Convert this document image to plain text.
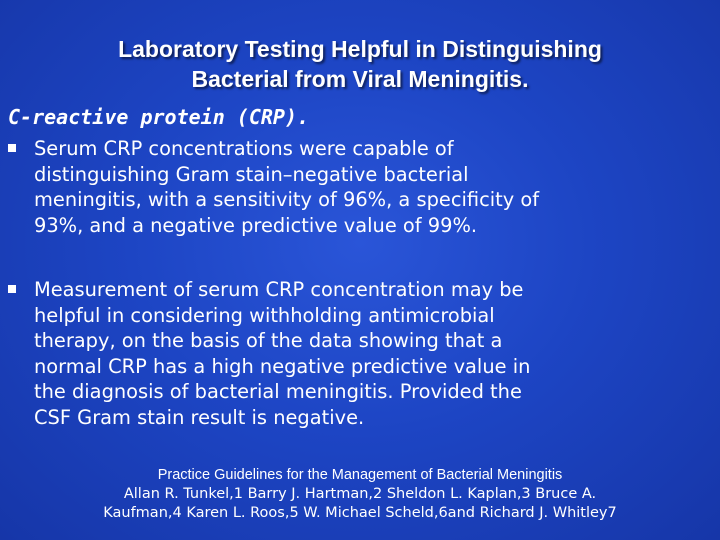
Laboratory Testing Helpful in Distinguishing
Bacterial from Viral Meningitis.
C-reactive protein (CRP).
Serum CRP concentrations were capable of
distinguishing Gram stain–negative bacterial
meningitis, with a sensitivity of 96%, a specificity of
93%, and a negative predictive value of 99%.
Measurement of serum CRP concentration may be
helpful in considering withholding antimicrobial
therapy, on the basis of the data showing that a
normal CRP has a high negative predictive value in
the diagnosis of bacterial meningitis. Provided the
CSF Gram stain result is negative.
Practice Guidelines for the Management of Bacterial Meningitis
Allan R. Tunkel,1 Barry J. Hartman,2 Sheldon L. Kaplan,3 Bruce A.
Kaufman,4 Karen L. Roos,5 W. Michael Scheld,6and Richard J. Whitley7
